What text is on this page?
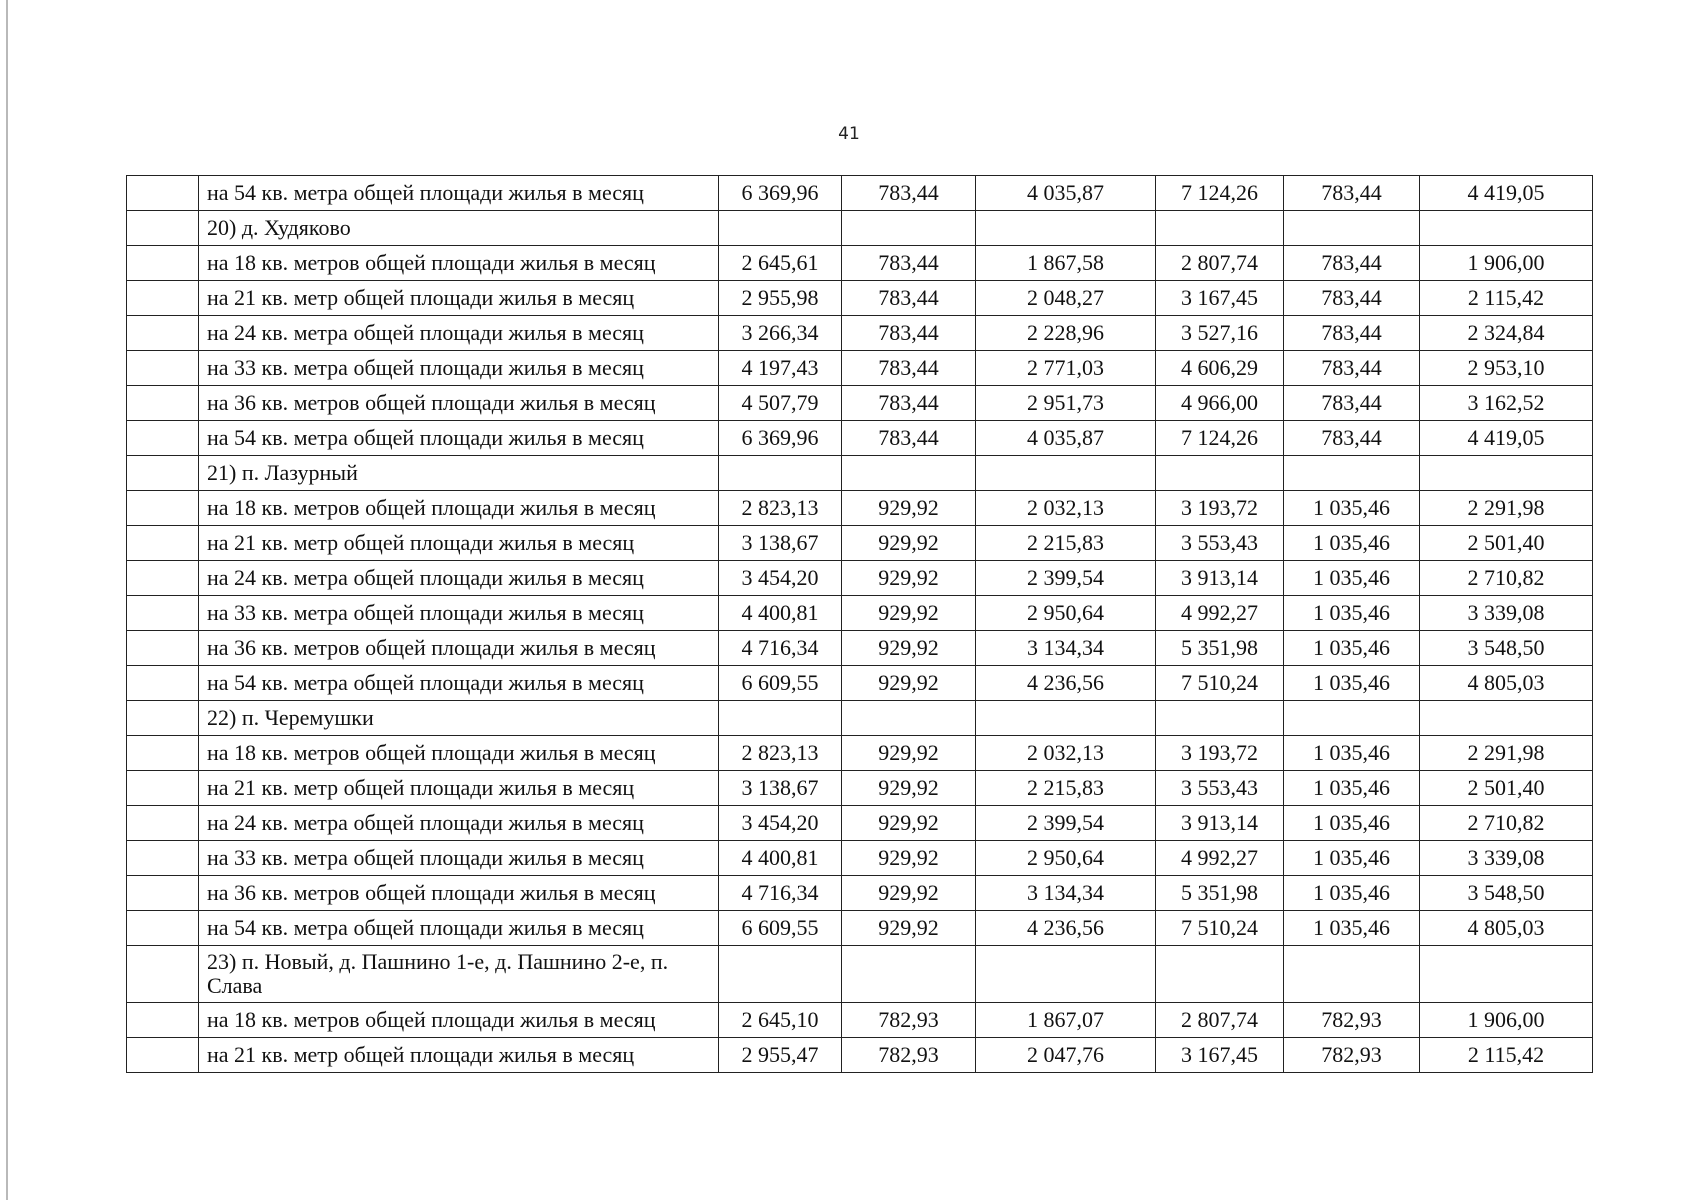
41
	на 54 кв. метра общей площади жилья в месяц	6 369,96	783,44	4 035,87	7 124,26	783,44	4 419,05
	20) д. Худяково						
	на 18 кв. метров общей площади жилья в месяц	2 645,61	783,44	1 867,58	2 807,74	783,44	1 906,00
	на 21 кв. метр общей площади жилья в месяц	2 955,98	783,44	2 048,27	3 167,45	783,44	2 115,42
	на 24 кв. метра общей площади жилья в месяц	3 266,34	783,44	2 228,96	3 527,16	783,44	2 324,84
	на 33 кв. метра общей площади жилья в месяц	4 197,43	783,44	2 771,03	4 606,29	783,44	2 953,10
	на 36 кв. метров общей площади жилья в месяц	4 507,79	783,44	2 951,73	4 966,00	783,44	3 162,52
	на 54 кв. метра общей площади жилья в месяц	6 369,96	783,44	4 035,87	7 124,26	783,44	4 419,05
	21) п. Лазурный						
	на 18 кв. метров общей площади жилья в месяц	2 823,13	929,92	2 032,13	3 193,72	1 035,46	2 291,98
	на 21 кв. метр общей площади жилья в месяц	3 138,67	929,92	2 215,83	3 553,43	1 035,46	2 501,40
	на 24 кв. метра общей площади жилья в месяц	3 454,20	929,92	2 399,54	3 913,14	1 035,46	2 710,82
	на 33 кв. метра общей площади жилья в месяц	4 400,81	929,92	2 950,64	4 992,27	1 035,46	3 339,08
	на 36 кв. метров общей площади жилья в месяц	4 716,34	929,92	3 134,34	5 351,98	1 035,46	3 548,50
	на 54 кв. метра общей площади жилья в месяц	6 609,55	929,92	4 236,56	7 510,24	1 035,46	4 805,03
	22) п. Черемушки						
	на 18 кв. метров общей площади жилья в месяц	2 823,13	929,92	2 032,13	3 193,72	1 035,46	2 291,98
	на 21 кв. метр общей площади жилья в месяц	3 138,67	929,92	2 215,83	3 553,43	1 035,46	2 501,40
	на 24 кв. метра общей площади жилья в месяц	3 454,20	929,92	2 399,54	3 913,14	1 035,46	2 710,82
	на 33 кв. метра общей площади жилья в месяц	4 400,81	929,92	2 950,64	4 992,27	1 035,46	3 339,08
	на 36 кв. метров общей площади жилья в месяц	4 716,34	929,92	3 134,34	5 351,98	1 035,46	3 548,50
	на 54 кв. метра общей площади жилья в месяц	6 609,55	929,92	4 236,56	7 510,24	1 035,46	4 805,03
	23) п. Новый, д. Пашнино 1-е, д. Пашнино 2-е, п. Слава						
	на 18 кв. метров общей площади жилья в месяц	2 645,10	782,93	1 867,07	2 807,74	782,93	1 906,00
	на 21 кв. метр общей площади жилья в месяц	2 955,47	782,93	2 047,76	3 167,45	782,93	2 115,42
